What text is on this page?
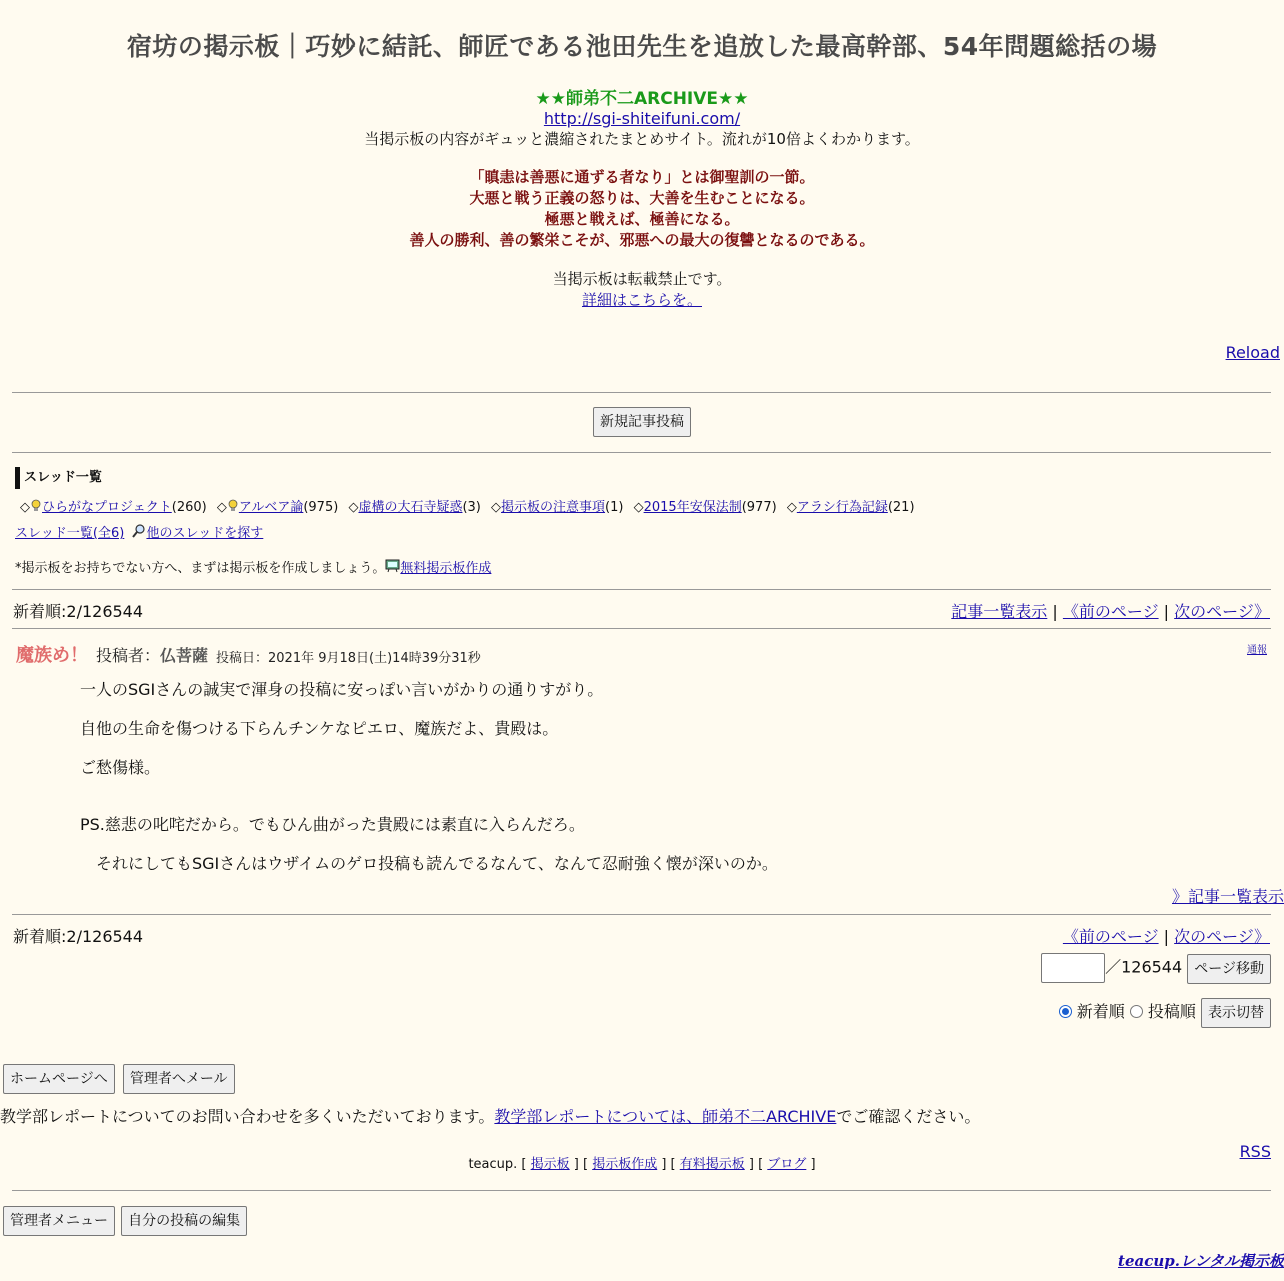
宿坊の掲示板｜巧妙に結託、師匠である池田先生を追放した最高幹部、54年問題総括の場
★★師弟不二ARCHIVE★★
http://sgi-shiteifuni.com/
当掲示板の内容がギュッと濃縮されたまとめサイト。流れが10倍よくわかります。
「瞋恚は善悪に通ずる者なり」とは御聖訓の一節。
大悪と戦う正義の怒りは、大善を生むことになる。
極悪と戦えば、極善になる。
善人の勝利、善の繁栄こそが、邪悪への最大の復讐となるのである。
当掲示板は転載禁止です。
詳細はこちらを。
Reload
新規記事投稿
スレッド一覧
◇ ひらがなプロジェクト(260) ◇ アルベア論(975) ◇虚構の大石寺疑惑(3) ◇掲示板の注意事項(1) ◇2015年安保法制(977) ◇アラシ行為記録(21)
スレッド一覧(全6) 他のスレッドを探す
*掲示板をお持ちでない方へ、まずは掲示板を作成しましょう。 無料掲示板作成
新着順:2/126544	記事一覧表示 | 《前のページ | 次のページ》
魔族め！ 投稿者：仏菩薩 投稿日：2021年 9月18日(土)14時39分31秒
通報
一人のSGIさんの誠実で渾身の投稿に安っぽい言いがかりの通りすがり。
自他の生命を傷つける下らんチンケなピエロ、魔族だよ、貴殿は。
ご愁傷様。
PS.慈悲の叱咤だから。でもひん曲がった貴殿には素直に入らんだろ。
それにしてもSGIさんはウザイムのゲロ投稿も読んでるなんて、なんて忍耐強く懐が深いのか。
》記事一覧表示
新着順:2/126544	《前のページ | 次のページ》
／126544 ページ移動
新着順 投稿順 表示切替
ホームページへ 管理者へメール
教学部レポートについてのお問い合わせを多くいただいております。教学部レポートについては、師弟不二ARCHIVEでご確認ください。
RSS
teacup. [ 掲示板 ] [ 掲示板作成 ] [ 有料掲示板 ] [ ブログ ]
管理者メニュー 自分の投稿の編集
teacup.レンタル掲示板
